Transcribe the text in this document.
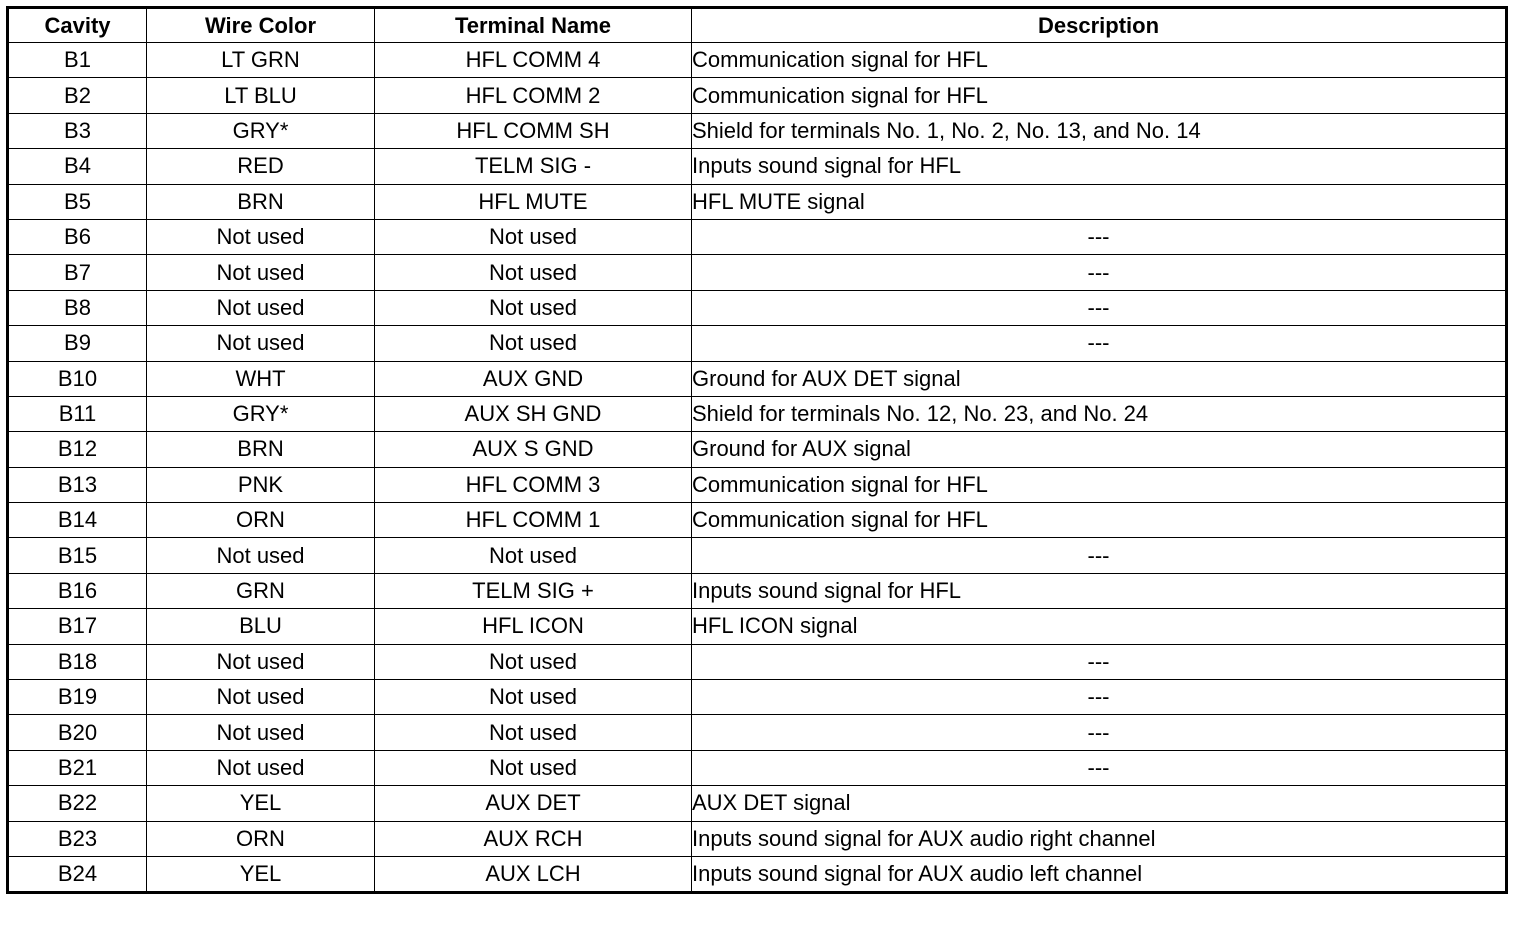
Cavity	Wire Color	Terminal Name	Description
B1	LT GRN	HFL COMM 4	Communication signal for HFL
B2	LT BLU	HFL COMM 2	Communication signal for HFL
B3	GRY*	HFL COMM SH	Shield for terminals No. 1, No. 2, No. 13, and No. 14
B4	RED	TELM SIG -	Inputs sound signal for HFL
B5	BRN	HFL MUTE	HFL MUTE signal
B6	Not used	Not used	---
B7	Not used	Not used	---
B8	Not used	Not used	---
B9	Not used	Not used	---
B10	WHT	AUX GND	Ground for AUX DET signal
B11	GRY*	AUX SH GND	Shield for terminals No. 12, No. 23, and No. 24
B12	BRN	AUX S GND	Ground for AUX signal
B13	PNK	HFL COMM 3	Communication signal for HFL
B14	ORN	HFL COMM 1	Communication signal for HFL
B15	Not used	Not used	---
B16	GRN	TELM SIG +	Inputs sound signal for HFL
B17	BLU	HFL ICON	HFL ICON signal
B18	Not used	Not used	---
B19	Not used	Not used	---
B20	Not used	Not used	---
B21	Not used	Not used	---
B22	YEL	AUX DET	AUX DET signal
B23	ORN	AUX RCH	Inputs sound signal for AUX audio right channel
B24	YEL	AUX LCH	Inputs sound signal for AUX audio left channel
